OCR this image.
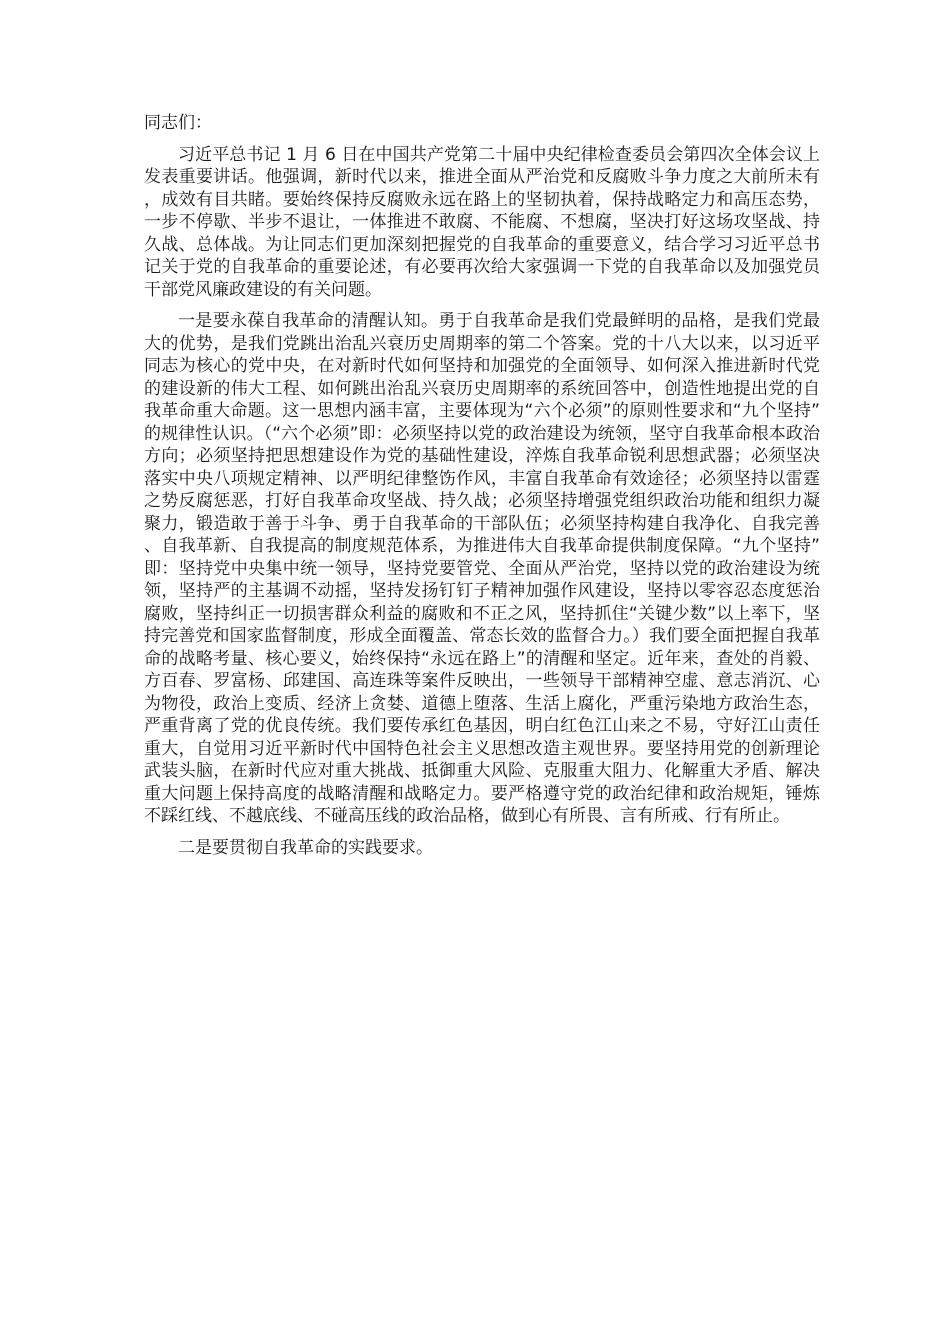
同志们：

习近平总书记 1 月 6 日在中国共产党第二十届中央纪律检查委员会第四次全体会议上发表重要讲话。他强调，新时代以来，推进全面从严治党和反腐败斗争力度之大前所未有，成效有目共睹。要始终保持反腐败永远在路上的坚韧执着，保持战略定力和高压态势，一步不停歇、半步不退让，一体推进不敢腐、不能腐、不想腐，坚决打好这场攻坚战、持久战、总体战。为让同志们更加深刻把握党的自我革命的重要意义，结合学习习近平总书记关于党的自我革命的重要论述，有必要再次给大家强调一下党的自我革命以及加强党员干部党风廉政建设的有关问题。

一是要永葆自我革命的清醒认知。勇于自我革命是我们党最鲜明的品格，是我们党最大的优势，是我们党跳出治乱兴衰历史周期率的第二个答案。党的十八大以来，以习近平同志为核心的党中央，在对新时代如何坚持和加强党的全面领导、如何深入推进新时代党的建设新的伟大工程、如何跳出治乱兴衰历史周期率的系统回答中，创造性地提出党的自我革命重大命题。这一思想内涵丰富，主要体现为“六个必须”的原则性要求和“九个坚持”的规律性认识。（“六个必须”即：必须坚持以党的政治建设为统领，坚守自我革命根本政治方向；必须坚持把思想建设作为党的基础性建设，淬炼自我革命锐利思想武器；必须坚决落实中央八项规定精神、以严明纪律整饬作风，丰富自我革命有效途径；必须坚持以雷霆之势反腐惩恶，打好自我革命攻坚战、持久战；必须坚持增强党组织政治功能和组织力凝聚力，锻造敢于善于斗争、勇于自我革命的干部队伍；必须坚持构建自我净化、自我完善、自我革新、自我提高的制度规范体系，为推进伟大自我革命提供制度保障。“九个坚持”即：坚持党中央集中统一领导，坚持党要管党、全面从严治党，坚持以党的政治建设为统领，坚持严的主基调不动摇，坚持发扬钉钉子精神加强作风建设，坚持以零容忍态度惩治腐败，坚持纠正一切损害群众利益的腐败和不正之风，坚持抓住“关键少数”以上率下，坚持完善党和国家监督制度，形成全面覆盖、常态长效的监督合力。）我们要全面把握自我革命的战略考量、核心要义，始终保持“永远在路上”的清醒和坚定。近年来，查处的肖毅、方百春、罗富杨、邱建国、高连珠等案件反映出，一些领导干部精神空虚、意志消沉、心为物役，政治上变质、经济上贪婪、道德上堕落、生活上腐化，严重污染地方政治生态，严重背离了党的优良传统。我们要传承红色基因，明白红色江山来之不易，守好江山责任重大，自觉用习近平新时代中国特色社会主义思想改造主观世界。要坚持用党的创新理论武装头脑，在新时代应对重大挑战、抵御重大风险、克服重大阻力、化解重大矛盾、解决重大问题上保持高度的战略清醒和战略定力。要严格遵守党的政治纪律和政治规矩，锤炼不踩红线、不越底线、不碰高压线的政治品格，做到心有所畏、言有所戒、行有所止。

二是要贯彻自我革命的实践要求。
